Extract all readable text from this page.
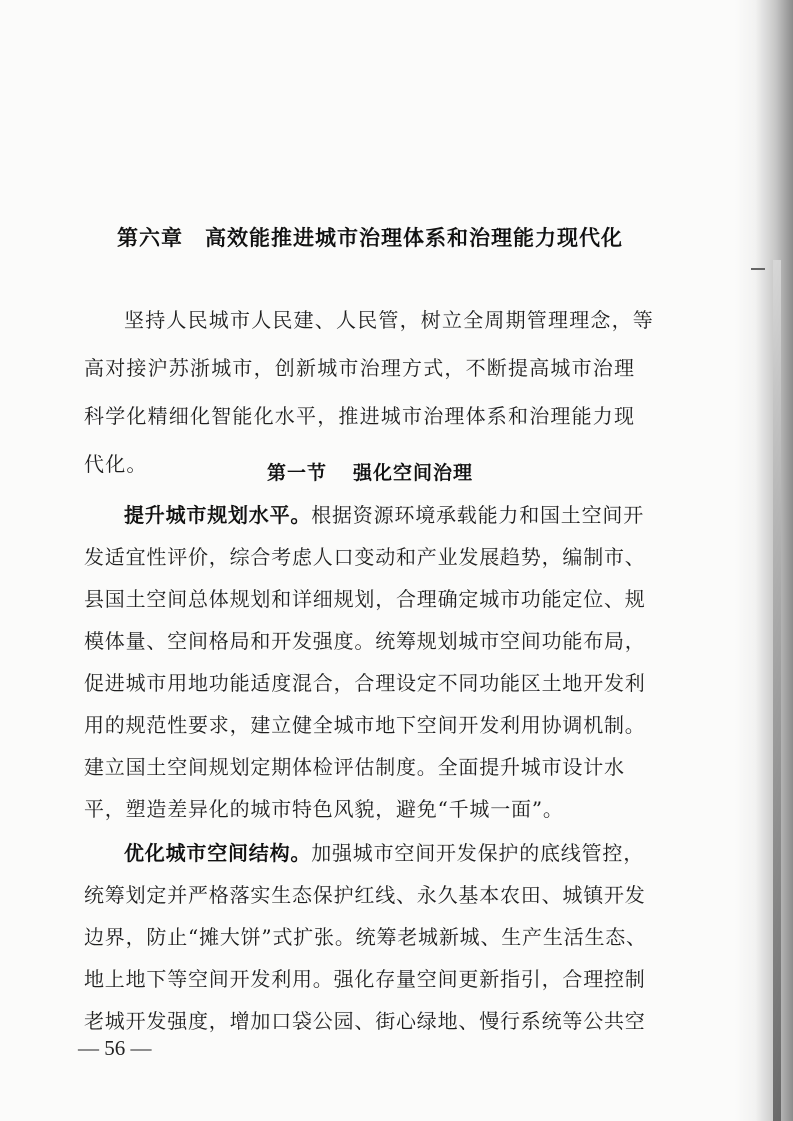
第六章 高效能推进城市治理体系和治理能力现代化

坚持人民城市人民建、人民管，树立全周期管理理念，等高对接沪苏浙城市，创新城市治理方式，不断提高城市治理科学化精细化智能化水平，推进城市治理体系和治理能力现代化。	第一节 强化空间治理

提升城市规划水平。根据资源环境承载能力和国土空间开发适宜性评价，综合考虑人口变动和产业发展趋势，编制市、县国土空间总体规划和详细规划，合理确定城市功能定位、规模体量、空间格局和开发强度。统筹规划城市空间功能布局，促进城市用地功能适度混合，合理设定不同功能区土地开发利用的规范性要求，建立健全城市地下空间开发利用协调机制。建立国土空间规划定期体检评估制度。全面提升城市设计水平，塑造差异化的城市特色风貌，避免“千城一面”。

优化城市空间结构。加强城市空间开发保护的底线管控，统筹划定并严格落实生态保护红线、永久基本农田、城镇开发边界，防止“摊大饼”式扩张。统筹老城新城、生产生活生态、地上地下等空间开发利用。强化存量空间更新指引，合理控制老城开发强度，增加口袋公园、街心绿地、慢行系统等公共空

— 56 —
